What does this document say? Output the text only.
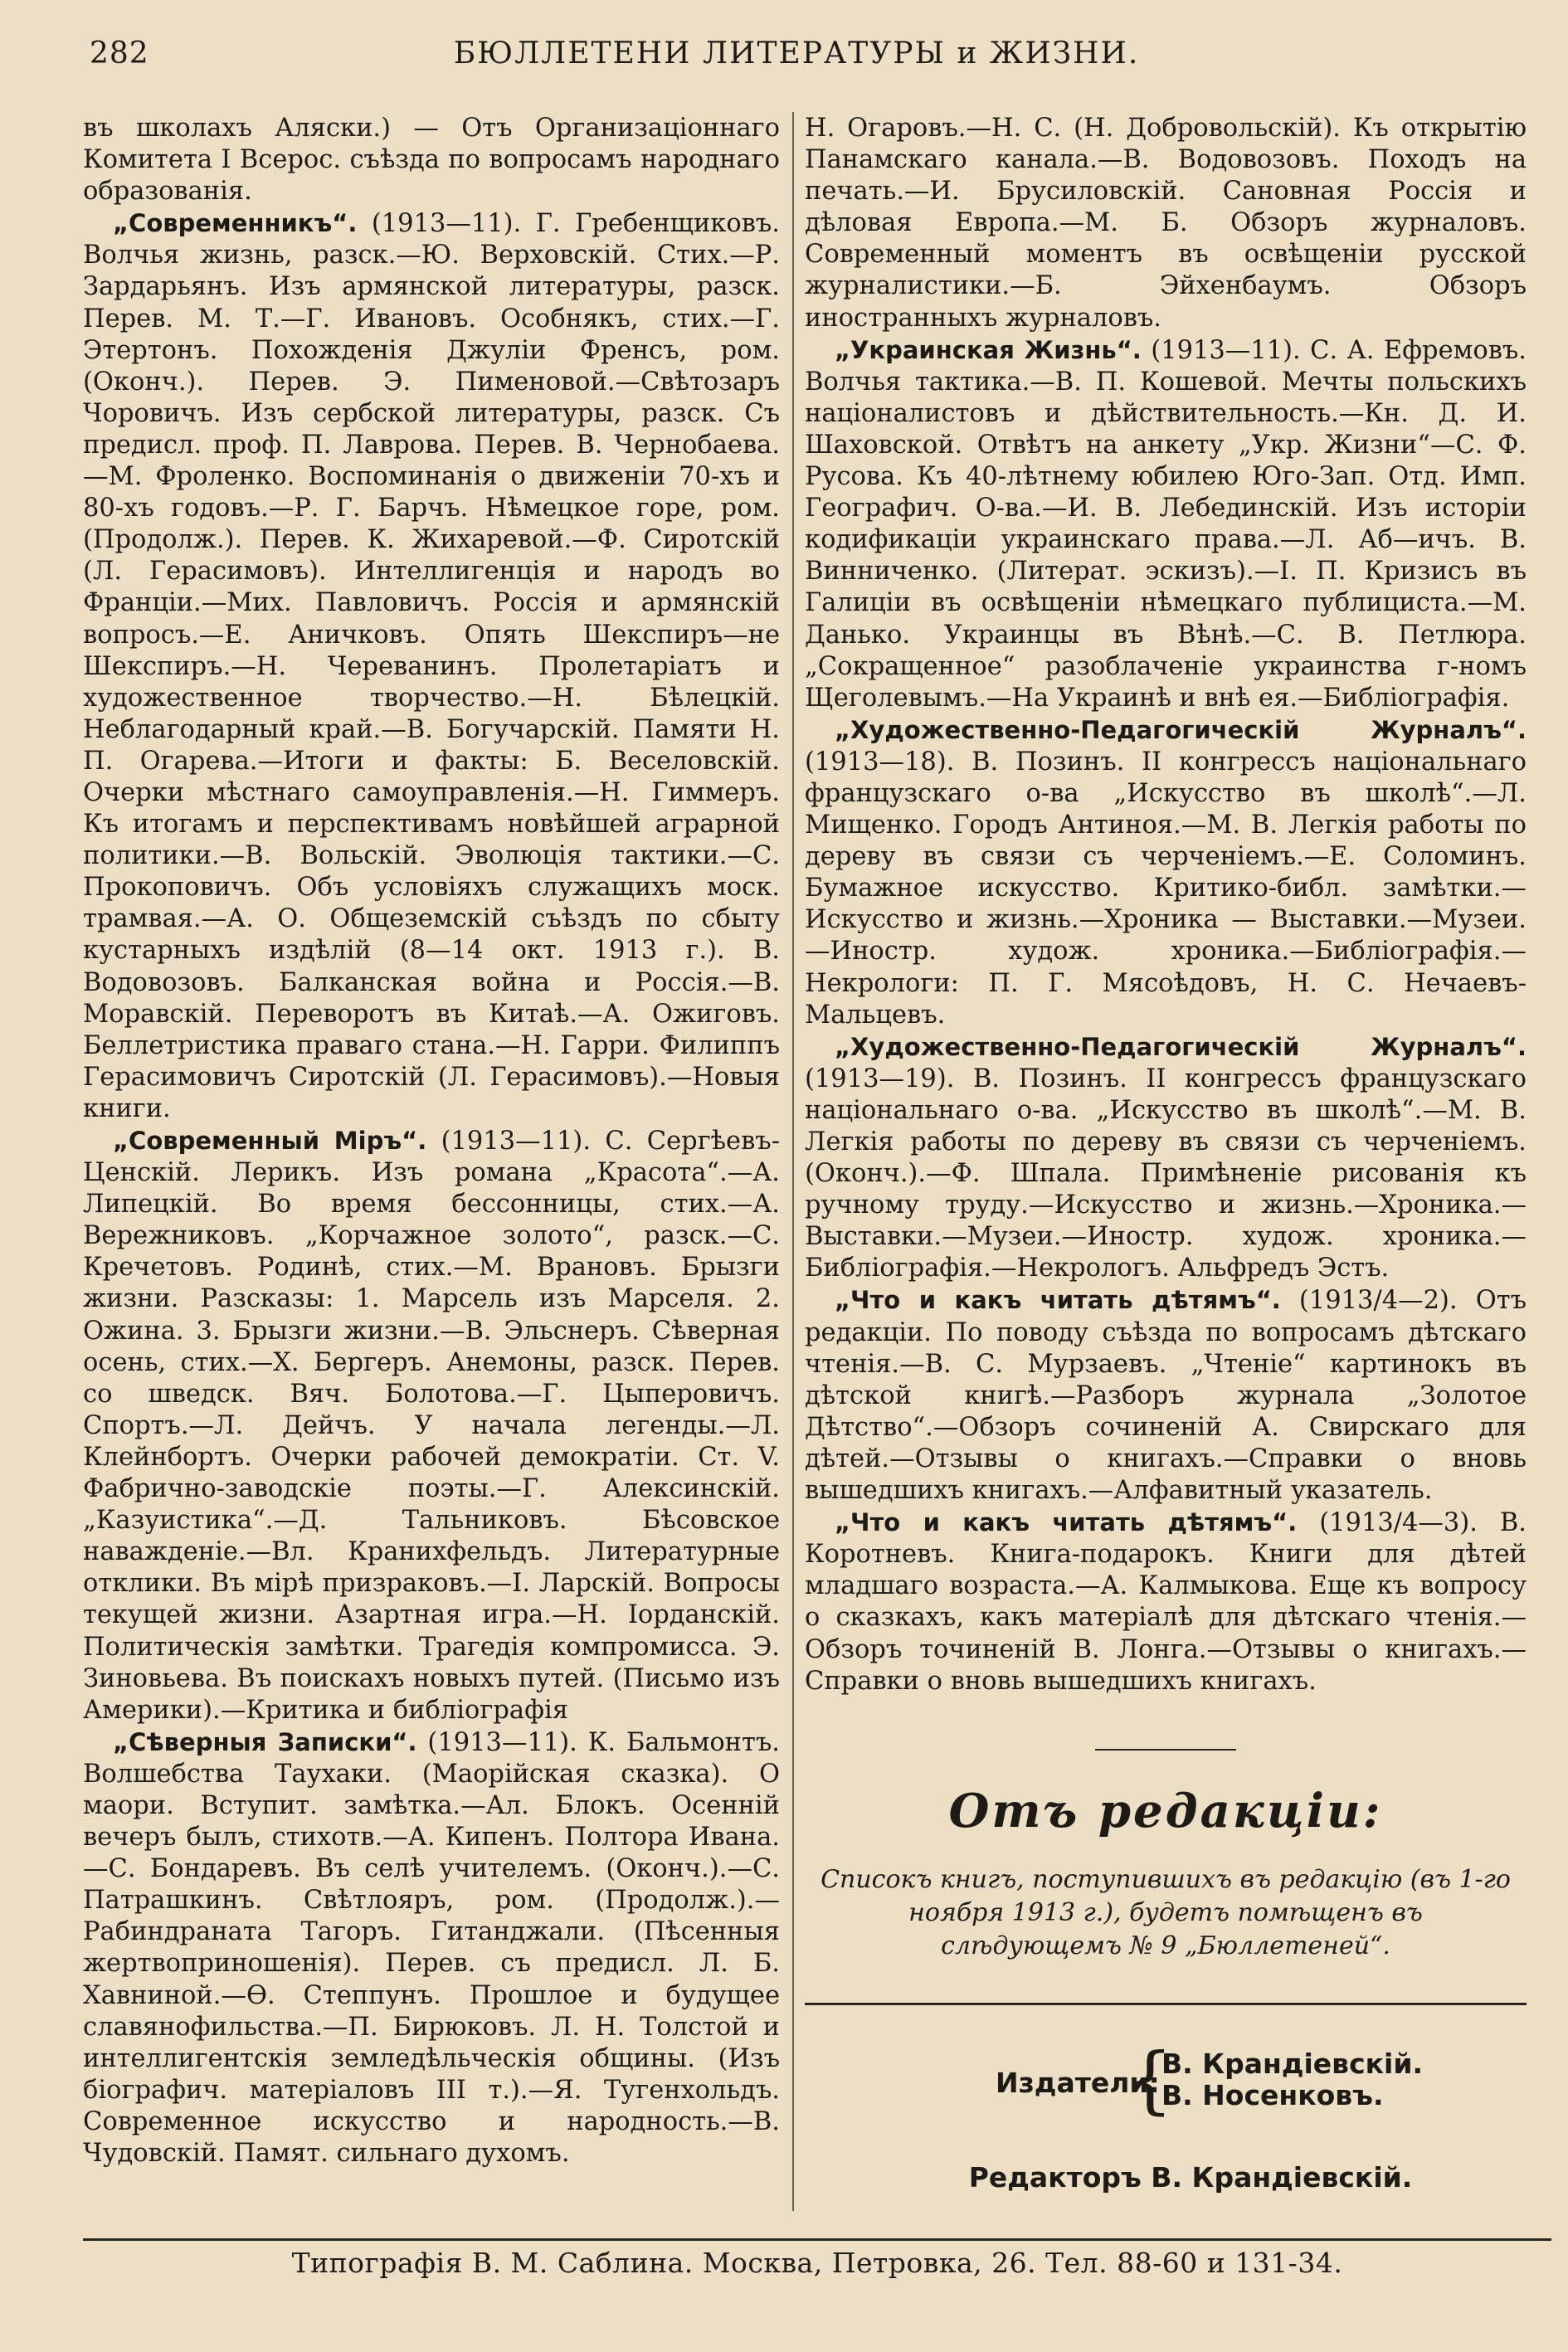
282	БЮЛЛЕТЕНИ ЛИТЕРАТУРЫ и ЖИЗНИ.

въ школахъ Аляски.) — Отъ Организаціоннаго Комитета I Всерос. съѣзда по вопросамъ народнаго образованія.

„Современникъ“. (1913—11). Г. Гребенщиковъ. Волчья жизнь, разск.—Ю. Верховскій. Стих.—Р. Зардарьянъ. Изъ армянской литературы, разск. Перев. М. Т.—Г. Ивановъ. Особнякъ, стих.—Г. Этертонъ. Похожденія Джуліи Френсъ, ром. (Оконч.). Перев. Э. Пименовой.—Свѣтозаръ Чоровичъ. Изъ сербской литературы, разск. Съ предисл. проф. П. Лаврова. Перев. В. Чернобаева.—М. Фроленко. Воспоминанія о движеніи 70-хъ и 80-хъ годовъ.—Р. Г. Барчъ. Нѣмецкое горе, ром. (Продолж.). Перев. К. Жихаревой.—Ф. Сиротскій (Л. Герасимовъ). Интеллигенція и народъ во Франціи.—Мих. Павловичъ. Россія и армянскій вопросъ.—Е. Аничковъ. Опять Шекспиръ—не Шекспиръ.—Н. Череванинъ. Пролетаріатъ и художественное творчество.—Н. Бѣлецкій. Неблагодарный край.—В. Богучарскій. Памяти Н. П. Огарева.—Итоги и факты: Б. Веселовскій. Очерки мѣстнаго самоуправленія.—Н. Гиммеръ. Къ итогамъ и перспективамъ новѣйшей аграрной политики.—В. Вольскій. Эволюція тактики.—С. Прокоповичъ. Объ условіяхъ служащихъ моск. трамвая.—А. О. Общеземскій съѣздъ по сбыту кустарныхъ издѣлій (8—14 окт. 1913 г.). В. Водовозовъ. Балканская война и Россія.—В. Моравскій. Переворотъ въ Китаѣ.—А. Ожиговъ. Беллетристика праваго стана.—Н. Гарри. Филиппъ Герасимовичъ Сиротскій (Л. Герасимовъ).—Новыя книги.

„Современный Міръ“. (1913—11). С. Сергѣевъ-Ценскій. Лерикъ. Изъ романа „Красота“.—А. Липецкій. Во время бессонницы, стих.—А. Вережниковъ. „Корчажное золото“, разск.—С. Кречетовъ. Родинѣ, стих.—М. Врановъ. Брызги жизни. Разсказы: 1. Марсель изъ Марселя. 2. Ожина. 3. Брызги жизни.—В. Эльснеръ. Сѣверная осень, стих.—Х. Бергеръ. Анемоны, разск. Перев. со шведск. Вяч. Болотова.—Г. Цыперовичъ. Спортъ.—Л. Дейчъ. У начала легенды.—Л. Клейнбортъ. Очерки рабочей демократіи. Ст. V. Фабрично-заводскіе поэты.—Г. Алексинскій. „Казуистика“.—Д. Тальниковъ. Бѣсовское наважденіе.—Вл. Кранихфельдъ. Литературные отклики. Въ мірѣ призраковъ.—І. Ларскій. Вопросы текущей жизни. Азартная игра.—Н. Іорданскій. Политическія замѣтки. Трагедія компромисса. Э. Зиновьева. Въ поискахъ новыхъ путей. (Письмо изъ Америки).—Критика и библіографія

„Сѣверныя Записки“. (1913—11). К. Бальмонтъ. Волшебства Таухаки. (Маорійская сказка). О маори. Вступит. замѣтка.—Ал. Блокъ. Осенній вечеръ былъ, стихотв.—А. Кипенъ. Полтора Ивана.—С. Бондаревъ. Въ селѣ учителемъ. (Оконч.).—С. Патрашкинъ. Свѣтлояръ, ром. (Продолж.).—Рабиндраната Тагоръ. Гитанджали. (Пѣсенныя жертвоприношенія). Перев. съ предисл. Л. Б. Хавниной.—Ѳ. Степпунъ. Прошлое и будущее славянофильства.—П. Бирюковъ. Л. Н. Толстой и интеллигентскія земледѣльческія общины. (Изъ біографич. матеріаловъ III т.).—Я. Тугенхольдъ. Современное искусство и народность.—В. Чудовскій. Памят. сильнаго духомъ.

Н. Огаровъ.—Н. С. (Н. Добровольскій). Къ открытію Панамскаго канала.—В. Водовозовъ. Походъ на печать.—И. Брусиловскій. Сановная Россія и дѣловая Европа.—М. Б. Обзоръ журналовъ. Современный моментъ въ освѣщеніи русской журналистики.—Б. Эйхенбаумъ. Обзоръ иностранныхъ журналовъ.

„Украинская Жизнь“. (1913—11). С. А. Ефремовъ. Волчья тактика.—В. П. Кошевой. Мечты польскихъ націоналистовъ и дѣйствительность.—Кн. Д. И. Шаховской. Отвѣтъ на анкету „Укр. Жизни“—С. Ф. Русова. Къ 40-лѣтнему юбилею Юго-Зап. Отд. Имп. Географич. О-ва.—И. В. Лебединскій. Изъ исторіи кодификаціи украинскаго права.—Л. Аб—ичъ. В. Винниченко. (Литерат. эскизъ).—І. П. Кризисъ въ Галиціи въ освѣщеніи нѣмецкаго публициста.—М. Данько. Украинцы въ Вѣнѣ.—С. В. Петлюра. „Сокращенное“ разоблаченіе украинства г-номъ Щеголевымъ.—На Украинѣ и внѣ ея.—Библіографія.

„Художественно-Педагогическій Журналъ“. (1913—18). В. Позинъ. II конгрессъ національнаго французскаго о-ва „Искусство въ школѣ“.—Л. Мищенко. Городъ Антиноя.—М. В. Легкія работы по дереву въ связи съ черченіемъ.—Е. Соломинъ. Бумажное искусство. Критико-библ. замѣтки.—Искусство и жизнь.—Хроника — Выставки.—Музеи.—Иностр. худож. хроника.—Библіографія.—Некрологи: П. Г. Мясоѣдовъ, Н. С. Нечаевъ-Мальцевъ.

„Художественно-Педагогическій Журналъ“. (1913—19). В. Позинъ. II конгрессъ французскаго національнаго о-ва. „Искусство въ школѣ“.—М. В. Легкія работы по дереву въ связи съ черченіемъ. (Оконч.).—Ф. Шпала. Примѣненіе рисованія къ ручному труду.—Искусство и жизнь.—Хроника.—Выставки.—Музеи.—Иностр. худож. хроника.—Библіографія.—Некрологъ. Альфредъ Эстъ.

„Что и какъ читать дѣтямъ“. (1913/4—2). Отъ редакціи. По поводу съѣзда по вопросамъ дѣтскаго чтенія.—В. С. Мурзаевъ. „Чтеніе“ картинокъ въ дѣтской книгѣ.—Разборъ журнала „Золотое Дѣтство“.—Обзоръ сочиненій А. Свирскаго для дѣтей.—Отзывы о книгахъ.—Справки о вновь вышедшихъ книгахъ.—Алфавитный указатель.

„Что и какъ читать дѣтямъ“. (1913/4—3). В. Коротневъ. Книга-подарокъ. Книги для дѣтей младшаго возраста.—А. Калмыкова. Еще къ вопросу о сказкахъ, какъ матеріалѣ для дѣтскаго чтенія.—Обзоръ точиненій В. Лонга.—Отзывы о книгахъ.—Справки о вновь вышедшихъ книгахъ.

Отъ редакціи:

Списокъ книгъ, поступившихъ въ редакцію (въ 1-го ноября 1913 г.), будетъ помѣщенъ въ слѣдующемъ № 9 „Бюллетеней“.

Издатели:
{
В. Крандіевскій.
В. Носенковъ.
Редакторъ В. Крандіевскій.
Типографія В. М. Саблина. Москва, Петровка, 26. Тел. 88-60 и 131-34.
